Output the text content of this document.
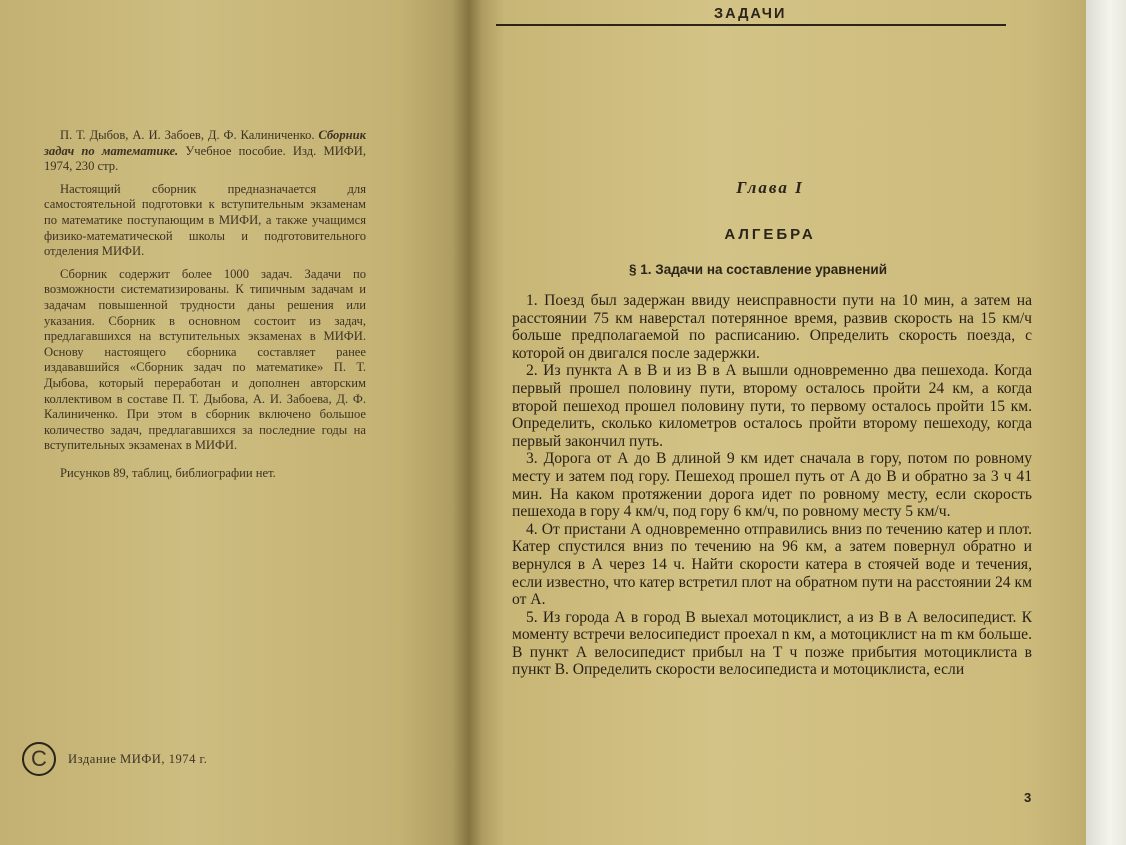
П. Т. Дыбов, А. И. Забоев, Д. Ф. Калиниченко. Сборник задач по математике. Учебное пособие. Изд. МИФИ, 1974, 230 стр.

Настоящий сборник предназначается для самостоятельной подготовки к вступительным экзаменам по математике поступающим в МИФИ, а также учащимся физико-математической школы и подготовительного отделения МИФИ.

Сборник содержит более 1000 задач. Задачи по возможности систематизированы. К типичным задачам и задачам повышенной трудности даны решения или указания. Сборник в основном состоит из задач, предлагавшихся на вступительных экзаменах в МИФИ. Основу настоящего сборника составляет ранее издававшийся «Сборник задач по математике» П. Т. Дыбова, который переработан и дополнен авторским коллективом в составе П. Т. Дыбова, А. И. Забоева, Д. Ф. Калиниченко. При этом в сборник включено большое количество задач, предлагавшихся за последние годы на вступительных экзаменах в МИФИ.

Рисунков 89, таблиц, библиографии нет.

С	Издание МИФИ, 1974 г.
ЗАДАЧИ
Глава I
АЛГЕБРА
§ 1. Задачи на составление уравнений

1. Поезд был задержан ввиду неисправности пути на 10 мин, а затем на расстоянии 75 км наверстал потерянное время, развив скорость на 15 км/ч больше предполагаемой по расписанию. Определить скорость поезда, с которой он двигался после задержки.

2. Из пункта А в В и из В в А вышли одновременно два пешехода. Когда первый прошел половину пути, второму осталось пройти 24 км, а когда второй пешеход прошел половину пути, то первому осталось пройти 15 км. Определить, сколько километров осталось пройти второму пешеходу, когда первый закончил путь.

3. Дорога от А до В длиной 9 км идет сначала в гору, потом по ровному месту и затем под гору. Пешеход прошел путь от А до В и обратно за 3 ч 41 мин. На каком протяжении дорога идет по ровному месту, если скорость пешехода в гору 4 км/ч, под гору 6 км/ч, по ровному месту 5 км/ч.

4. От пристани А одновременно отправились вниз по течению катер и плот. Катер спустился вниз по течению на 96 км, а затем повернул обратно и вернулся в А через 14 ч. Найти скорости катера в стоячей воде и течения, если известно, что катер встретил плот на обратном пути на расстоянии 24 км от А.

5. Из города А в город В выехал мотоциклист, а из В в А велосипедист. К моменту встречи велосипедист проехал n км, а мотоциклист на m км больше. В пункт А велосипедист прибыл на T ч позже прибытия мотоциклиста в пункт В. Определить скорости велосипедиста и мотоциклиста, если

3
